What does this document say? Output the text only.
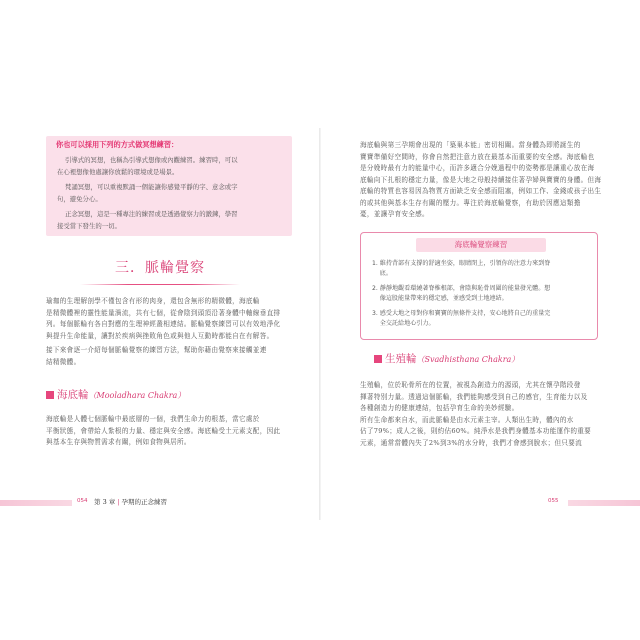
你也可以採用下列的方式做冥想練習：
引導式的冥想，也稱為引導式想像或內觀練習。練習時，可以
在心裡想像他處讓你放鬆的環境或是場景。
梵誦冥想，可以重複默誦一個能讓你感覺平靜的字、意念或字
句，避免分心。
正念冥想，這是一種專注的練習或是透過覺察力的鍛鍊，學習
接受當下發生的一切。
三．脈輪覺察
瑜珈的生理解剖學不僅包含有形的肉身，還包含無形的精微體，海底輪
是精微體裡的靈性能量渦流，共有七個，從會陰到頭頂沿著身體中軸線垂直排
列。每個脈輪有各自對應的生理神經叢相連結。脈輪覺察練習可以有效地淨化
與提升生命能量，讓對於疾病與挫敗角色或與他人互動時都能自在有解答。
接下來會逐一介紹每個脈輪覺察的練習方法，幫助你藉由覺察來接觸並連
結精微體。
海底輪（Mooladhara Chakra）
海底輪是人體七個脈輪中最底層的一個，我們生命力的根基，當它處於
平衡狀態，會帶給人紮根的力量、穩定與安全感。海底輪受土元素支配，因此
與基本生存與物質需求有關，例如食物與居所。
054 第 3 章 | 孕期的正念練習
海底輪與第三孕期會出現的「築巢本能」密切相關。當身體為即將誕生的
寶寶準備好空間時，你會自然把注意力放在最基本而重要的安全感。海底輪也
是分娩時最有力的能量中心，而許多適合分娩過程中的姿勢都是讓重心放在海
底輪向下扎根的穩定力量，像是大地之母般持續接住著孕婦與寶寶的身體。但海
底輪的特質也容易因為物質方面缺乏安全感而阻塞，例如工作、金錢或孩子出生
的或其他與基本生存有關的壓力。專注於海底輪覺察，有助於因應這類擔
憂，並讓孕育安全感。
海底輪覺察練習
1. 維持背部有支撐的舒適坐姿，眼睛閉上，引領你的注意力來到脊
底。
2. 靜靜地觀看環繞著脊椎根部，會陰與恥骨周圍的能量發光體。想
像這股能量帶來的穩定感，並感受到土地連結。
3. 感受大地之母對你和寶寶的無條件支持，安心地將自己的重量完
全交託給地心引力。
生殖輪（Svadhisthana Chakra）
生殖輪，位於恥骨所在的位置，被視為創造力的源頭，尤其在懷孕階段發
揮著特別力量。透過這個脈輪，我們能夠感受到自己的感官，生育能力以及
各種創造力的健康連結，包括孕育生命的美妙經驗。
所有生命都來自水，而此脈輪是由水元素主宰。人類出生時，體內的水
佔了79%；成人之後，則約佔60%。純淨水是我們身體基本功能運作的重要
元素，通常當體內失了2%到3%的水分時，我們才會感到脫水；但只要流
055
